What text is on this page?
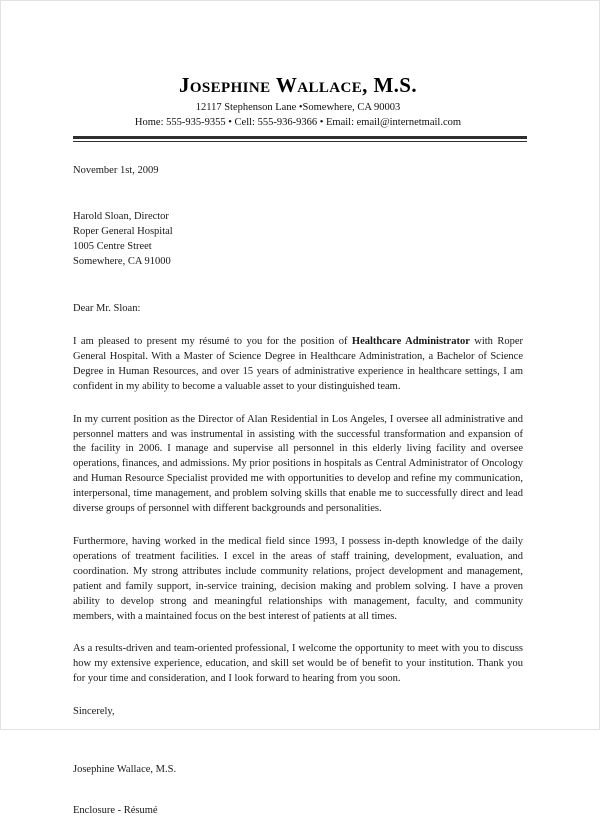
Josephine Wallace, M.S.
12117 Stephenson Lane •Somewhere, CA 90003
Home: 555-935-9355 • Cell: 555-936-9366 • Email: email@internetmail.com
November 1st, 2009
Harold Sloan, Director
Roper General Hospital
1005 Centre Street
Somewhere, CA 91000
Dear Mr. Sloan:

I am pleased to present my résumé to you for the position of Healthcare Administrator with Roper General Hospital. With a Master of Science Degree in Healthcare Administration, a Bachelor of Science Degree in Human Resources, and over 15 years of administrative experience in healthcare settings, I am confident in my ability to become a valuable asset to your distinguished team.

In my current position as the Director of Alan Residential in Los Angeles, I oversee all administrative and personnel matters and was instrumental in assisting with the successful transformation and expansion of the facility in 2006. I manage and supervise all personnel in this elderly living facility and oversee operations, finances, and admissions. My prior positions in hospitals as Central Administrator of Oncology and Human Resource Specialist provided me with opportunities to develop and refine my communication, interpersonal, time management, and problem solving skills that enable me to successfully direct and lead diverse groups of personnel with different backgrounds and personalities.

Furthermore, having worked in the medical field since 1993, I possess in-depth knowledge of the daily operations of treatment facilities. I excel in the areas of staff training, development, evaluation, and coordination. My strong attributes include community relations, project development and management, patient and family support, in-service training, decision making and problem solving. I have a proven ability to develop strong and meaningful relationships with management, faculty, and community members, with a maintained focus on the best interest of patients at all times.

As a results-driven and team-oriented professional, I welcome the opportunity to meet with you to discuss how my extensive experience, education, and skill set would be of benefit to your institution. Thank you for your time and consideration, and I look forward to hearing from you soon.

Sincerely,
Josephine Wallace, M.S.
Enclosure - Résumé
